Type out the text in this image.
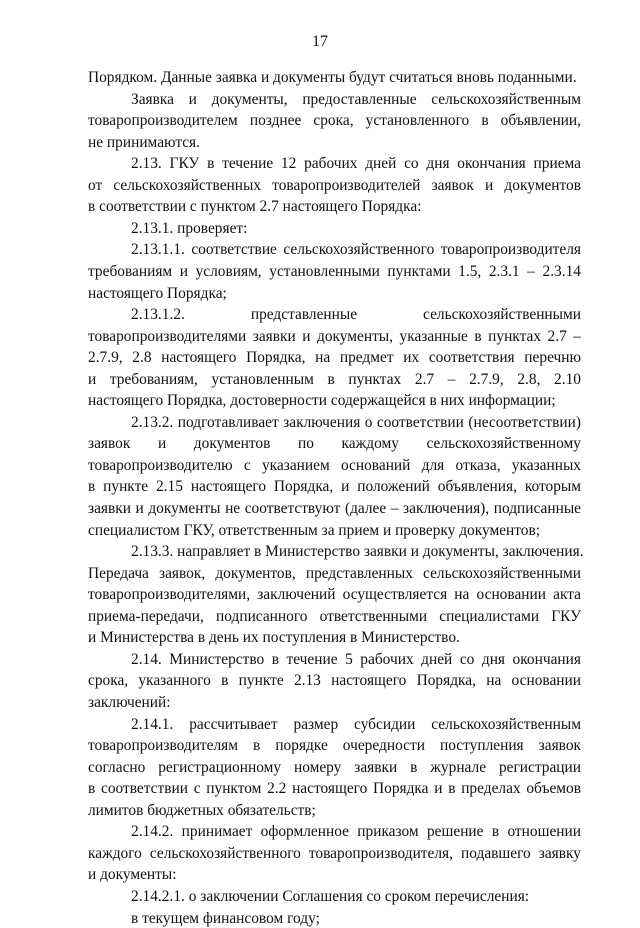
17
Порядком. Данные заявка и документы будут считаться вновь поданными.
Заявка и документы, предоставленные сельскохозяйственным
товаропроизводителем позднее срока, установленного в объявлении,
не принимаются.
2.13. ГКУ в течение 12 рабочих дней со дня окончания приема
от сельскохозяйственных товаропроизводителей заявок и документов
в соответствии с пунктом 2.7 настоящего Порядка:
2.13.1. проверяет:
2.13.1.1. соответствие сельскохозяйственного товаропроизводителя
требованиям и условиям, установленными пунктами 1.5, 2.3.1 – 2.3.14
настоящего Порядка;
2.13.1.2. представленные сельскохозяйственными
товаропроизводителями заявки и документы, указанные в пунктах 2.7 –
2.7.9, 2.8 настоящего Порядка, на предмет их соответствия перечню
и требованиям, установленным в пунктах 2.7 – 2.7.9, 2.8, 2.10
настоящего Порядка, достоверности содержащейся в них информации;
2.13.2. подготавливает заключения о соответствии (несоответствии)
заявок и документов по каждому сельскохозяйственному
товаропроизводителю с указанием оснований для отказа, указанных
в пункте 2.15 настоящего Порядка, и положений объявления, которым
заявки и документы не соответствуют (далее – заключения), подписанные
специалистом ГКУ, ответственным за прием и проверку документов;
2.13.3. направляет в Министерство заявки и документы, заключения.
Передача заявок, документов, представленных сельскохозяйственными
товаропроизводителями, заключений осуществляется на основании акта
приема-передачи, подписанного ответственными специалистами ГКУ
и Министерства в день их поступления в Министерство.
2.14. Министерство в течение 5 рабочих дней со дня окончания
срока, указанного в пункте 2.13 настоящего Порядка, на основании
заключений:
2.14.1. рассчитывает размер субсидии сельскохозяйственным
товаропроизводителям в порядке очередности поступления заявок
согласно регистрационному номеру заявки в журнале регистрации
в соответствии с пунктом 2.2 настоящего Порядка и в пределах объемов
лимитов бюджетных обязательств;
2.14.2. принимает оформленное приказом решение в отношении
каждого сельскохозяйственного товаропроизводителя, подавшего заявку
и документы:
2.14.2.1. о заключении Соглашения со сроком перечисления:
в текущем финансовом году;
